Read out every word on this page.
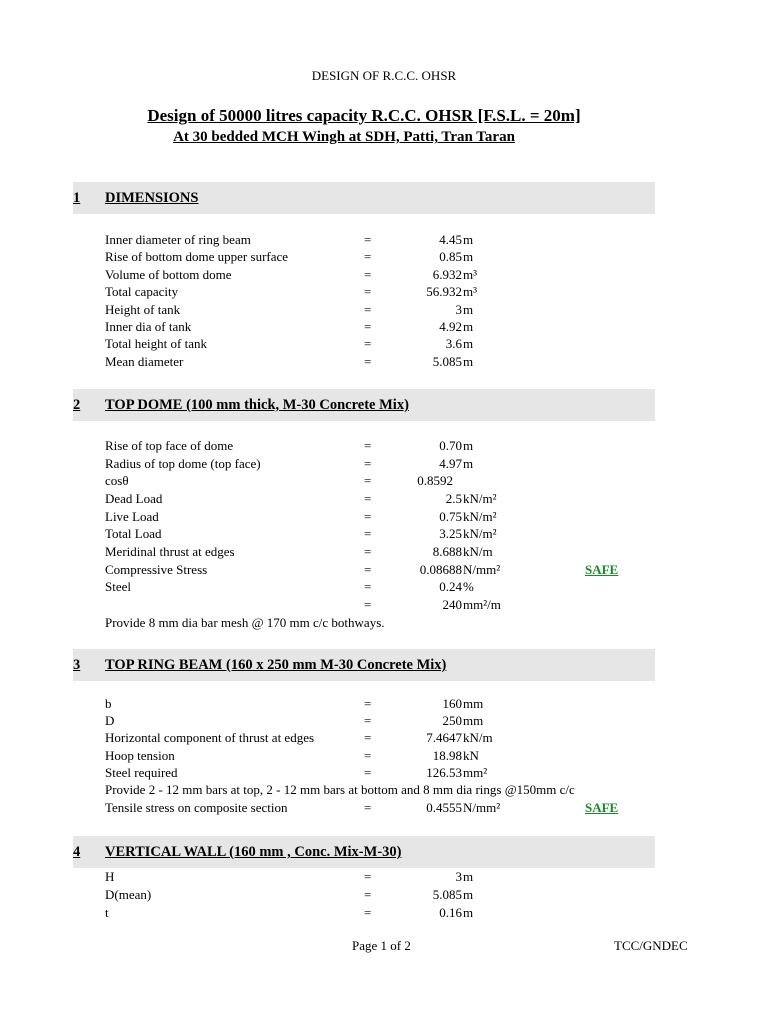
DESIGN OF R.C.C. OHSR
Design of 50000 litres capacity R.C.C. OHSR [F.S.L. = 20m]
At 30 bedded MCH Wingh at SDH, Patti, Tran Taran
1 DIMENSIONS
Inner diameter of ring beam	=	4.45 m
Rise of bottom dome upper surface	=	0.85 m
Volume of bottom dome	=	6.932 m³
Total capacity	=	56.932 m³
Height of tank	=	3 m
Inner dia of tank	=	4.92 m
Total height of tank	=	3.6 m
Mean diameter	=	5.085 m
2 TOP DOME (100 mm thick, M-30 Concrete Mix)
Rise of top face of dome	=	0.70 m
Radius of top dome (top face)	=	4.97 m
cosθ	=	0.8592
Dead Load	=	2.5 kN/m²
Live Load	=	0.75 kN/m²
Total Load	=	3.25 kN/m²
Meridinal thrust at edges	=	8.688 kN/m
Compressive Stress	=	0.08688 N/mm²	SAFE
Steel	=	0.24 %
=	240 mm²/m
Provide 8 mm dia bar mesh @ 170 mm c/c bothways.
3 TOP RING BEAM (160 x 250 mm M-30 Concrete Mix)
b	=	160 mm
D	=	250 mm
Horizontal component of thrust at edges	=	7.4647 kN/m
Hoop tension	=	18.98 kN
Steel required	=	126.53 mm²
Provide 2 - 12 mm bars at top, 2 - 12 mm bars at bottom and 8 mm dia rings @150mm c/c
Tensile stress on composite section	=	0.4555 N/mm²	SAFE
4 VERTICAL WALL (160 mm , Conc. Mix-M-30)
H	=	3 m
D(mean)	=	5.085 m
t	=	0.16 m
Page 1 of 2	TCC/GNDEC
